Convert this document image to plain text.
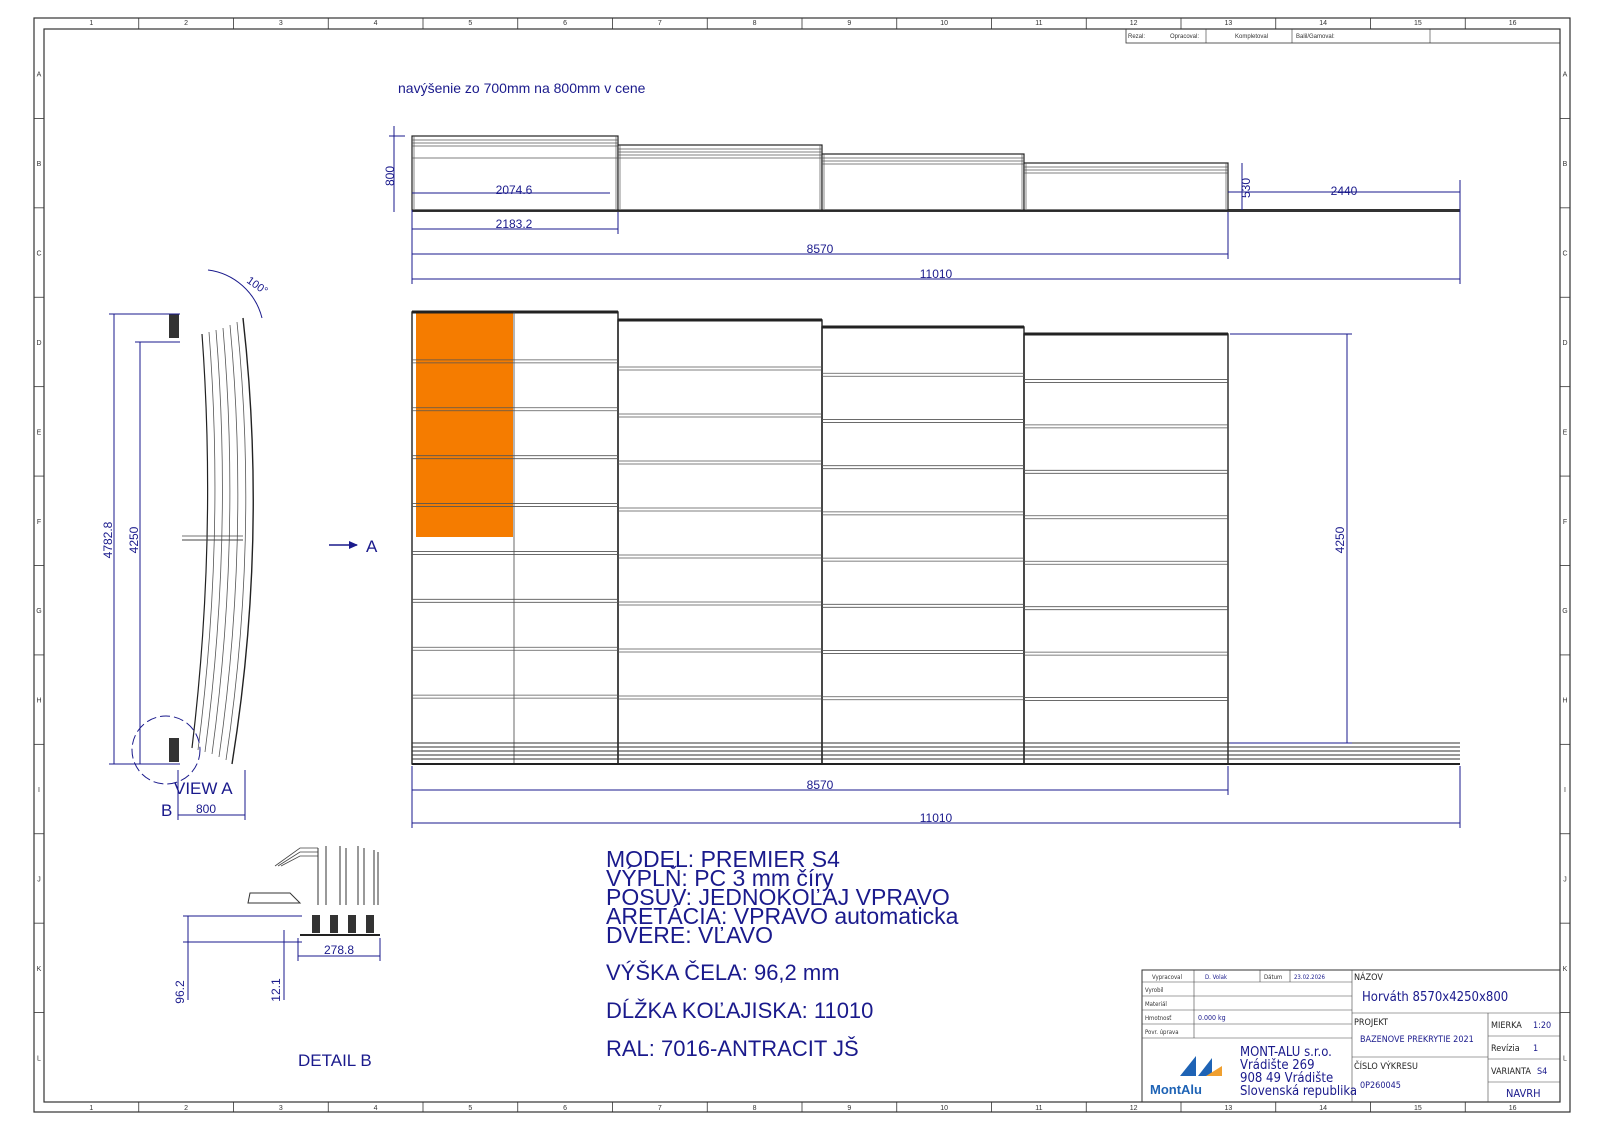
1
1
2
2
3
3
4
4
5
5
6
6
7
7
8
8
9
9
10
10
11
11
12
12
13
13
14
14
15
15
16
16
A	A
B	B
C	C
D	D
E	E
F	F
G	G
H	H
I	I
J	J
K	K
L	L
Rezal:	Opracoval:	Kompletoval	Balil/Gamoval:
navýšenie zo 700mm na 800mm v cene
800
2074.6
2183.2
8570
11010
2440
530
8570
11010
4250
100°
4782.8 4250
800
VIEW A
B
A
278.8
96.2	12.1
DETAIL B
Vypracoval	D. Volak	Dátum 23.02.2026
Vyrobil
Materiál
Hmotnosť	0.000 kg
Povr. úprava
NÁZOV
Horváth 8570x4250x800
PROJEKT
BAZENOVE PREKRYTIE 2021
MIERKA 1:20
Revízia 1
ČÍSLO VÝKRESU
0P260045
VARIANTA S4
NAVRH
MontAlu
MONT-ALU s.r.o.
Vrádište 269
908 49 Vrádište
Slovenská republika
MODEL: PREMIER S4
VÝPLŇ: PC 3 mm číry
POSUV: JEDNOKOĽAJ VPRAVO
ARETÁCIA: VPRAVO automaticka
DVERE: VĽAVO
VÝŠKA ČELA: 96,2 mm
DĹŽKA KOĽAJISKA: 11010
RAL: 7016-ANTRACIT JŠ
